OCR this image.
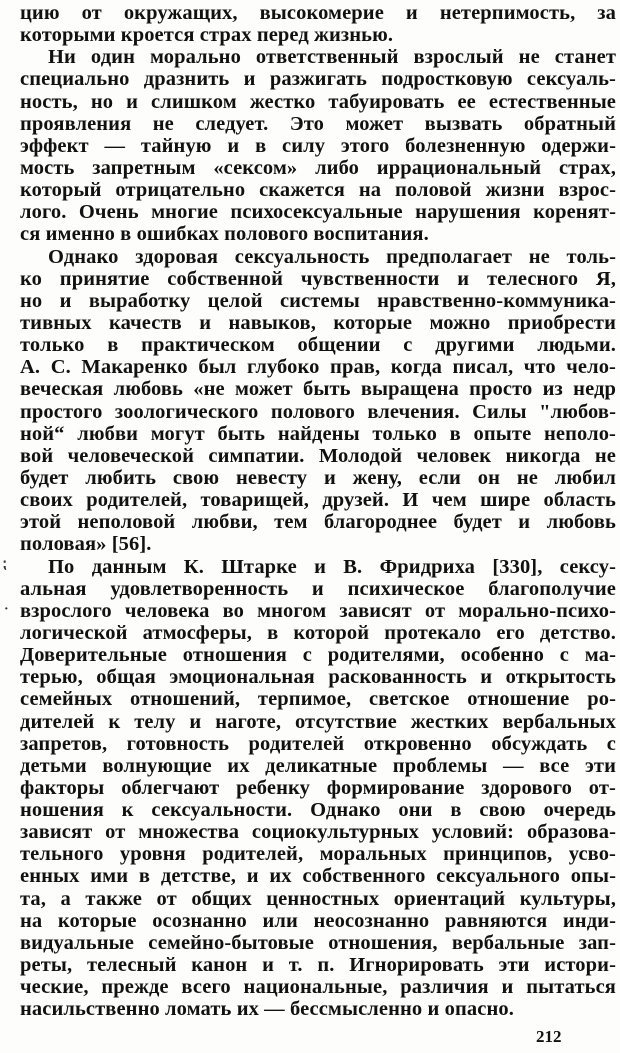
цию от окружащих, высокомерие и нетерпимость, за
которыми кроется страх перед жизнью.
Ни один морально ответственный взрослый не станет
специально дразнить и разжигать подростковую сексуаль-
ность, но и слишком жестко табуировать ее естественные
проявления не следует. Это может вызвать обратный
эффект — тайную и в силу этого болезненную одержи-
мость запретным «сексом» либо иррациональный страх,
который отрицательно скажется на половой жизни взрос-
лого. Очень многие психосексуальные нарушения коренят-
ся именно в ошибках полового воспитания.
Однако здоровая сексуальность предполагает не толь-
ко принятие собственной чувственности и телесного Я,
но и выработку целой системы нравственно-коммуника-
тивных качеств и навыков, которые можно приобрести
только в практическом общении с другими людьми.
А. С. Макаренко был глубоко прав, когда писал, что чело-
веческая любовь «не может быть выращена просто из недр
простого зоологического полового влечения. Силы "любов-
ной“ любви могут быть найдены только в опыте неполо-
вой человеческой симпатии. Молодой человек никогда не
будет любить свою невесту и жену, если он не любил
своих родителей, товарищей, друзей. И чем шире область
этой неполовой любви, тем благороднее будет и любовь
половая» [56].
По данным К. Штарке и В. Фридриха [330], сексу-
альная удовлетворенность и психическое благополучие
взрослого человека во многом зависят от морально-психо-
логической атмосферы, в которой протекало его детство.
Доверительные отношения с родителями, особенно с ма-
терью, общая эмоциональная раскованность и открытость
семейных отношений, терпимое, светское отношение ро-
дителей к телу и наготе, отсутствие жестких вербальных
запретов, готовность родителей откровенно обсуждать с
детьми волнующие их деликатные проблемы — все эти
факторы облегчают ребенку формирование здорового от-
ношения к сексуальности. Однако они в свою очередь
зависят от множества социокультурных условий: образова-
тельного уровня родителей, моральных принципов, усво-
енных ими в детстве, и их собственного сексуального опы-
та, а также от общих ценностных ориентаций культуры,
на которые осознанно или неосознанно равняются инди-
видуальные семейно-бытовые отношения, вербальные зап-
реты, телесный канон и т. п. Игнорировать эти истори-
ческие, прежде всего национальные, различия и пытаться
насильственно ломать их — бессмысленно и опасно.
⁏
·
212
